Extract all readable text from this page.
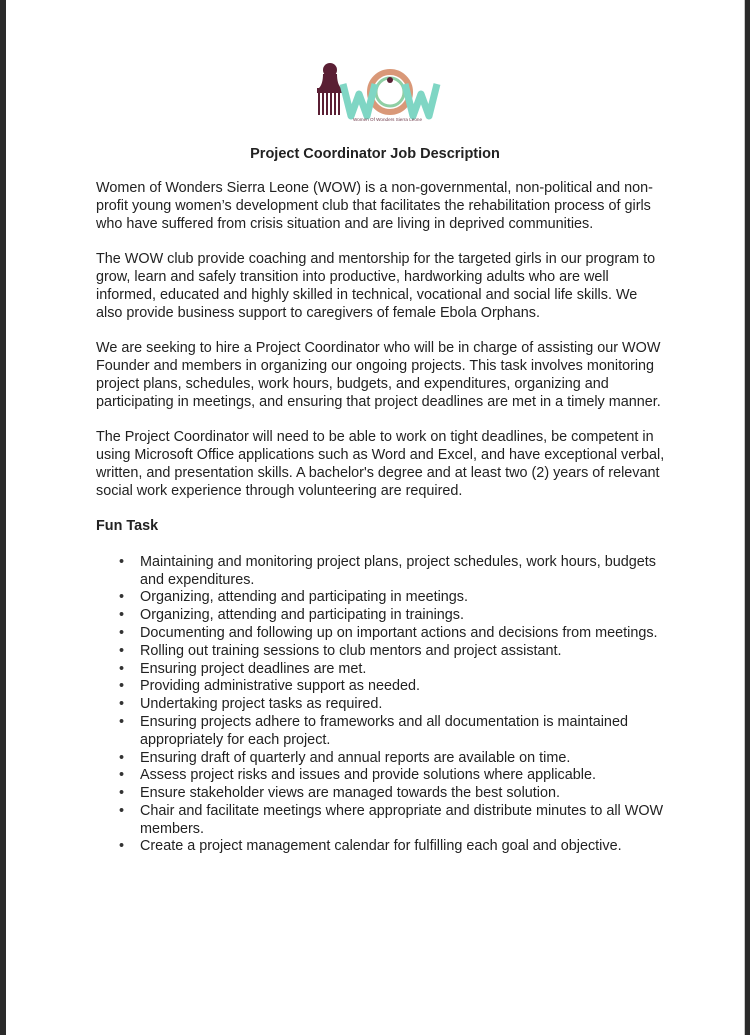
Women Of Wonders Sierra Leone
Project Coordinator Job Description

Women of Wonders Sierra Leone (WOW) is a non-governmental, non-political and non-profit young women’s development club that facilitates the rehabilitation process of girls who have suffered from crisis situation and are living in deprived communities.

The WOW club provide coaching and mentorship for the targeted girls in our program to grow, learn and safely transition into productive, hardworking adults who are well informed, educated and highly skilled in technical, vocational and social life skills. We also provide business support to caregivers of female Ebola Orphans.

We are seeking to hire a Project Coordinator who will be in charge of assisting our WOW Founder and members in organizing our ongoing projects. This task involves monitoring project plans, schedules, work hours, budgets, and expenditures, organizing and participating in meetings, and ensuring that project deadlines are met in a timely manner.

The Project Coordinator will need to be able to work on tight deadlines, be competent in using Microsoft Office applications such as Word and Excel, and have exceptional verbal, written, and presentation skills. A bachelor's degree and at least two (2) years of relevant social work experience through volunteering are required.

Fun Task
• Maintaining and monitoring project plans, project schedules, work hours, budgets and expenditures.
• Organizing, attending and participating in meetings.
• Organizing, attending and participating in trainings.
• Documenting and following up on important actions and decisions from meetings.
• Rolling out training sessions to club mentors and project assistant.
• Ensuring project deadlines are met.
• Providing administrative support as needed.
• Undertaking project tasks as required.
• Ensuring projects adhere to frameworks and all documentation is maintained appropriately for each project.
• Ensuring draft of quarterly and annual reports are available on time.
• Assess project risks and issues and provide solutions where applicable.
• Ensure stakeholder views are managed towards the best solution.
• Chair and facilitate meetings where appropriate and distribute minutes to all WOW members.
• Create a project management calendar for fulfilling each goal and objective.
